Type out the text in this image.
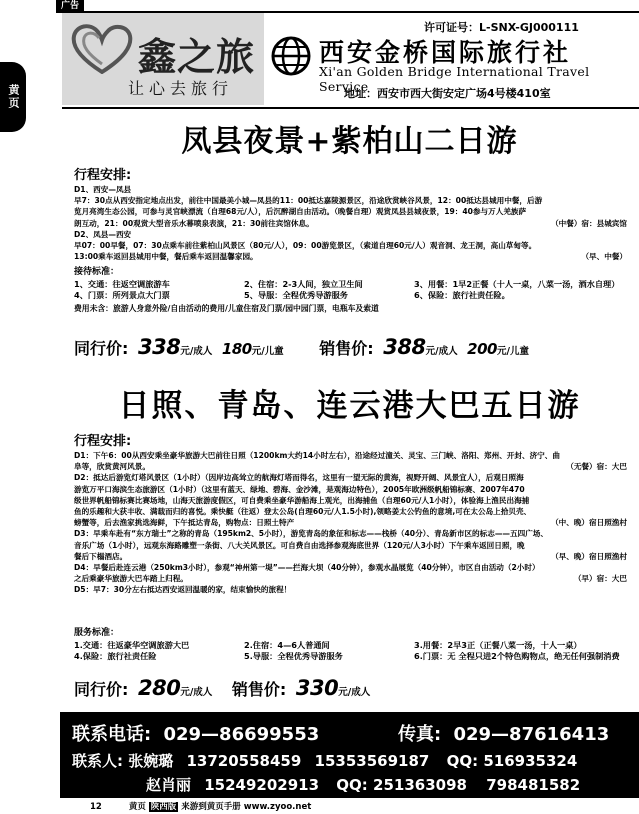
广告
黄页
鑫之旅
让心去旅行
许可证号：L-SNX-GJ000111
西安金桥国际旅行社
Xi'an Golden Bridge International Travel Service
地址：西安市西大街安定广场4号楼410室
凤县夜景+紫柏山二日游
行程安排:

D1、西安—凤县

早7：30点从西安指定地点出发，前往中国最美小城—凤县的11：00抵达嘉陵源景区，沿途欣赏峡谷风景，12：00抵达县城用中餐，后游

览月亮湾生态公园，可参与灵官峡漂流（自理68元/人），后沉醉湖自由活动。（晚餐自理）观赏凤县县城夜景，19：40参与万人羌族萨

（中餐）宿：县城宾馆
朗互动，21：00观赏大型音乐水幕喷泉表演，21：30前往宾馆休息。

D2、凤县—西安

早07：00早餐，07：30点乘车前往紫柏山风景区（80元/人），09：00游览景区，（索道自理60元/人）观音洞、龙王洞，高山草甸等。

（早、中餐）
13:00乘车返回县城用中餐，餐后乘车返回温馨家园。

接待标准：
1、交通：往返空调旅游车	2、住宿：2-3人间，独立卫生间	3、用餐：1早2正餐（十人一桌，八菜一汤，酒水自理）
4、门票：所列景点大门票	5、导服：全程优秀导游服务	6、保险：旅行社责任险。
费用未含：旅游人身意外险/自由活动的费用/儿童住宿及门票/园中园门票，电瓶车及索道
同行价: 338元/成人 180元/儿童 销售价: 388元/成人 200元/儿童
日照、青岛、连云港大巴五日游
行程安排:

D1：下午6：00从西安乘坐豪华旅游大巴前往日照（1200km大约14小时左右），沿途经过潼关、灵宝、三门峡、洛阳、郑州、开封、济宁、曲

（无餐）宿：大巴
阜等，欣赏黄河风景。

D2：抵达后游览灯塔风景区（1小时）（因岸边高耸立的航海灯塔而得名，这里有一望无际的黄海，视野开阔、风景宜人），后观日照海

游览万平口海滨生态旅游区（1小时）（这里有蓝天、绿地、碧海、金沙滩，是观海边特色），2005年欧洲级帆船锦标赛、2007年470

级世界帆船锦标赛比赛场地，山海天旅游度假区，可自费乘坐豪华游船海上观光，出海捕鱼（自理60元/人1小时），体验海上渔民出海捕

鱼的乐趣和大获丰收、满载而归的喜悦。乘快艇（往返）登太公岛(自理60元/人1.5小时),领略姜太公钓鱼的意境,可在太公岛上拾贝壳、

（中、晚）宿日照渔村
螃蟹等，后去渔家挑选海鲜，下午抵达青岛，购物点：日照土特产

D3：早乘车赴有“东方瑞士”之称的青岛（195km2、5小时），游览青岛的象征和标志——栈桥（40分）、青岛新市区的标志——五四广场、

音乐广场（1小时），远观东海路雕塑一条街、八大关风景区。可自费自由选择参观海底世界（120元/人3小时）下午乘车返回日照，晚

（早、晚）宿日照渔村
餐后下榻酒店。

D4：早餐后赴连云港（250km3小时），参观“神州第一堤”——拦海大坝（40分钟），参观水晶展览（40分钟），市区自由活动（2小时）

（早）宿：大巴
之后乘豪华旅游大巴车踏上归程。

D5：早7：30分左右抵达西安返回温暖的家，结束愉快的旅程！

服务标准：
1.交通：往返豪华空调旅游大巴	2.住宿：4—6人普通间	3.用餐：2早3正（正餐八菜一汤，十人一桌）
4.保险：旅行社责任险	5.导服：全程优秀导游服务	6.门票：无 全程只进2个特色购物点，绝无任何强制消费
同行价: 280元/成人 销售价: 330元/成人
联系电话: 029—86699553	传真: 029—87616413
联系人: 张婉璐 13720558459 15353569187 QQ: 516935324
赵肖丽 15249202913 QQ: 251363098 798481582
12	黄页 陕西版 来游到黄页手册 www.zyoo.net
